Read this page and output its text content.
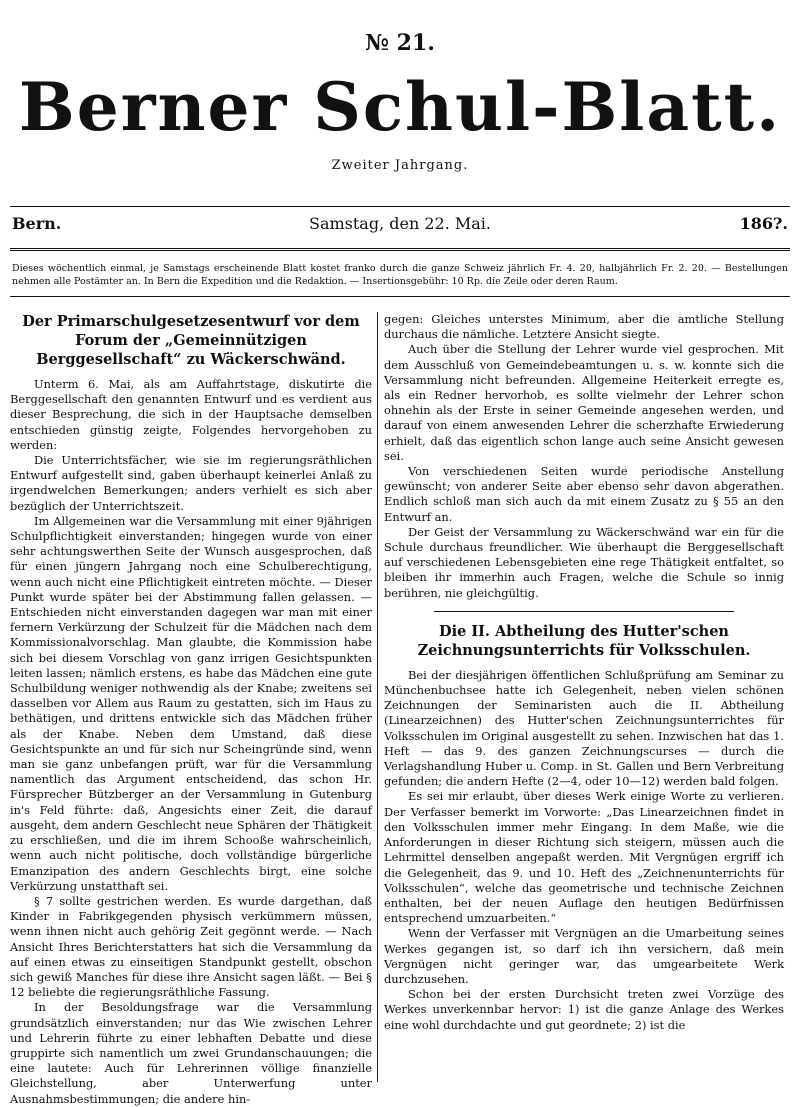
№ 21.
Berner Schul-Blatt.
Zweiter Jahrgang.
Samstag, den 22. Mai.
Bern.	186?.
Dieses wöchentlich einmal, je Samstags erscheinende Blatt kostet franko durch die ganze Schweiz jährlich Fr. 4. 20, halbjährlich Fr. 2. 20. — Bestellungen nehmen alle Postämter an. In Bern die Expedition und die Redaktion. — Insertionsgebühr: 10 Rp. die Zeile oder deren Raum.
Der Primarschulgesetzesentwurf vor dem Forum der „Gemeinnützigen Berggesellschaft“ zu Wäckerschwänd.

Unterm 6. Mai, als am Auffahrtstage, diskutirte die Berggesellschaft den genannten Entwurf und es verdient aus dieser Besprechung, die sich in der Hauptsache demselben entschieden günstig zeigte, Folgendes hervorgehoben zu werden:

Die Unterrichtsfächer, wie sie im regierungsräthlichen Entwurf aufgestellt sind, gaben überhaupt keinerlei Anlaß zu irgendwelchen Bemerkungen; anders verhielt es sich aber bezüglich der Unterrichtszeit.

Im Allgemeinen war die Versammlung mit einer 9jährigen Schulpflichtigkeit einverstanden; hingegen wurde von einer sehr achtungswerthen Seite der Wunsch ausgesprochen, daß für einen jüngern Jahrgang noch eine Schulberechtigung, wenn auch nicht eine Pflichtigkeit eintreten möchte. — Dieser Punkt wurde später bei der Abstimmung fallen gelassen. — Entschieden nicht einverstanden dagegen war man mit einer fernern Verkürzung der Schulzeit für die Mädchen nach dem Kommissionalvorschlag. Man glaubte, die Kommission habe sich bei diesem Vorschlag von ganz irrigen Gesichtspunkten leiten lassen; nämlich erstens, es habe das Mädchen eine gute Schulbildung weniger nothwendig als der Knabe; zweitens sei dasselben vor Allem aus Raum zu gestatten, sich im Haus zu bethätigen, und drittens entwickle sich das Mädchen früher als der Knabe. Neben dem Umstand, daß diese Gesichtspunkte an und für sich nur Scheingründe sind, wenn man sie ganz unbefangen prüft, war für die Versammlung namentlich das Argument entscheidend, das schon Hr. Fürsprecher Bützberger an der Versammlung in Gutenburg in's Feld führte: daß, Angesichts einer Zeit, die darauf ausgeht, dem andern Geschlecht neue Sphären der Thätigkeit zu erschließen, und die im ihrem Schooße wahrscheinlich, wenn auch nicht politische, doch vollständige bürgerliche Emanzipation des andern Geschlechts birgt, eine solche Verkürzung unstatthaft sei.

§ 7 sollte gestrichen werden. Es wurde dargethan, daß Kinder in Fabrikgegenden physisch verkümmern müssen, wenn ihnen nicht auch gehörig Zeit gegönnt werde. — Nach Ansicht Ihres Berichterstatters hat sich die Versammlung da auf einen etwas zu einseitigen Standpunkt gestellt, obschon sich gewiß Manches für diese ihre Ansicht sagen läßt. — Bei § 12 beliebte die regierungsräthliche Fassung.

In der Besoldungsfrage war die Versammlung grundsätzlich einverstanden; nur das Wie zwischen Lehrer und Lehrerin führte zu einer lebhaften Debatte und diese gruppirte sich namentlich um zwei Grundanschauungen; die eine lautete: Auch für Lehrerinnen völlige finanzielle Gleichstellung, aber Unterwerfung unter Ausnahmsbestimmungen; die andere hin-

gegen: Gleiches unterstes Minimum, aber die amtliche Stellung durchaus die nämliche. Letztere Ansicht siegte.

Auch über die Stellung der Lehrer wurde viel gesprochen. Mit dem Ausschluß von Gemeindebeamtungen u. s. w. konnte sich die Versammlung nicht befreunden. Allgemeine Heiterkeit erregte es, als ein Redner hervorhob, es sollte vielmehr der Lehrer schon ohnehin als der Erste in seiner Gemeinde angesehen werden, und darauf von einem anwesenden Lehrer die scherzhafte Erwiederung erhielt, daß das eigentlich schon lange auch seine Ansicht gewesen sei.

Von verschiedenen Seiten wurde periodische Anstellung gewünscht; von anderer Seite aber ebenso sehr davon abgerathen. Endlich schloß man sich auch da mit einem Zusatz zu § 55 an den Entwurf an.

Der Geist der Versammlung zu Wäckerschwänd war ein für die Schule durchaus freundlicher. Wie überhaupt die Berggesellschaft auf verschiedenen Lebensgebieten eine rege Thätigkeit entfaltet, so bleiben ihr immerhin auch Fragen, welche die Schule so innig berühren, nie gleichgültig.

Die II. Abtheilung des Hutter'schen Zeichnungsunterrichts für Volksschulen.

Bei der diesjährigen öffentlichen Schlußprüfung am Seminar zu Münchenbuchsee hatte ich Gelegenheit, neben vielen schönen Zeichnungen der Seminaristen auch die II. Abtheilung (Linearzeichnen) des Hutter'schen Zeichnungsunterrichtes für Volksschulen im Original ausgestellt zu sehen. Inzwischen hat das 1. Heft — das 9. des ganzen Zeichnungscurses — durch die Verlagshandlung Huber u. Comp. in St. Gallen und Bern Verbreitung gefunden; die andern Hefte (2—4, oder 10—12) werden bald folgen.

Es sei mir erlaubt, über dieses Werk einige Worte zu verlieren. Der Verfasser bemerkt im Vorworte: „Das Linearzeichnen findet in den Volksschulen immer mehr Eingang. In dem Maße, wie die Anforderungen in dieser Richtung sich steigern, müssen auch die Lehrmittel denselben angepaßt werden. Mit Vergnügen ergriff ich die Gelegenheit, das 9. und 10. Heft des „Zeichnenunterrichts für Volksschulen“, welche das geometrische und technische Zeichnen enthalten, bei der neuen Auflage den heutigen Bedürfnissen entsprechend umzuarbeiten.“

Wenn der Verfasser mit Vergnügen an die Umarbeitung seines Werkes gegangen ist, so darf ich ihn versichern, daß mein Vergnügen nicht geringer war, das umgearbeitete Werk durchzusehen.

Schon bei der ersten Durchsicht treten zwei Vorzüge des Werkes unverkennbar hervor: 1) ist die ganze Anlage des Werkes eine wohl durchdachte und gut geordnete; 2) ist die
